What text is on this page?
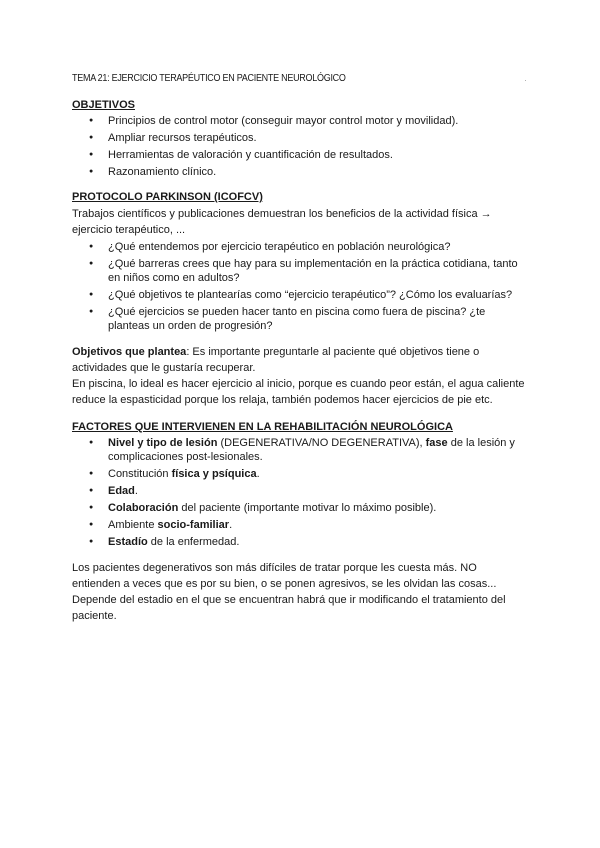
TEMA 21: EJERCICIO TERAPÉUTICO EN PACIENTE NEUROLÓGICO
OBJETIVOS
● Principios de control motor (conseguir mayor control motor y movilidad).
● Ampliar recursos terapéuticos.
● Herramientas de valoración y cuantificación de resultados.
● Razonamiento clínico.
PROTOCOLO PARKINSON (ICOFCV)

Trabajos científicos y publicaciones demuestran los beneficios de la actividad física → ejercicio terapéutico, ...

● ¿Qué entendemos por ejercicio terapéutico en población neurológica?
● ¿Qué barreras crees que hay para su implementación en la práctica cotidiana, tanto en niños como en adultos?
● ¿Qué objetivos te plantearías como “ejercicio terapéutico”? ¿Cómo los evaluarías?
● ¿Qué ejercicios se pueden hacer tanto en piscina como fuera de piscina? ¿te planteas un orden de progresión?

Objetivos que plantea: Es importante preguntarle al paciente qué objetivos tiene o actividades que le gustaría recuperar.

En piscina, lo ideal es hacer ejercicio al inicio, porque es cuando peor están, el agua caliente reduce la espasticidad porque los relaja, también podemos hacer ejercicios de pie etc.

FACTORES QUE INTERVIENEN EN LA REHABILITACIÓN NEUROLÓGICA
● Nivel y tipo de lesión (DEGENERATIVA/NO DEGENERATIVA), fase de la lesión y complicaciones post-lesionales.
● Constitución física y psíquica.
● Edad.
● Colaboración del paciente (importante motivar lo máximo posible).
● Ambiente socio-familiar.
● Estadío de la enfermedad.

Los pacientes degenerativos son más difíciles de tratar porque les cuesta más. NO entienden a veces que es por su bien, o se ponen agresivos, se les olvidan las cosas... Depende del estadio en el que se encuentran habrá que ir modificando el tratamiento del paciente.
